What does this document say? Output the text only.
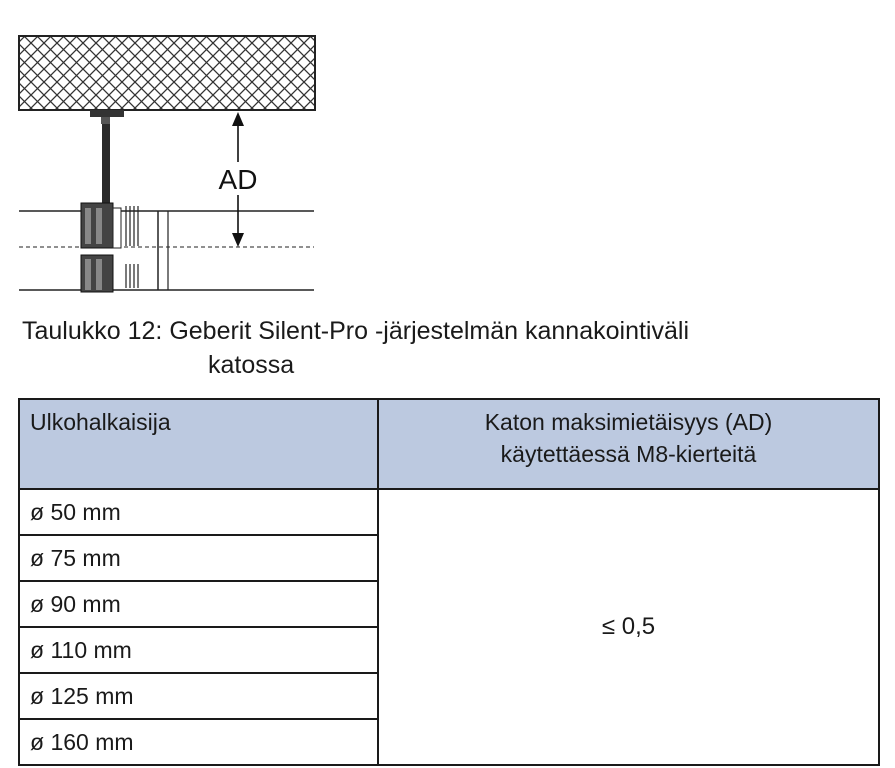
AD
Taulukko 12: Geberit Silent-Pro -järjestelmän kannakointiväli
katossa
Ulkohalkaisija	Katon maksimietäisyys (AD)
käytettäessä M8-kierteitä
ø 50 mm	≤ 0,5
ø 75 mm	
ø 90 mm	
ø 110 mm	
ø 125 mm	
ø 160 mm	
